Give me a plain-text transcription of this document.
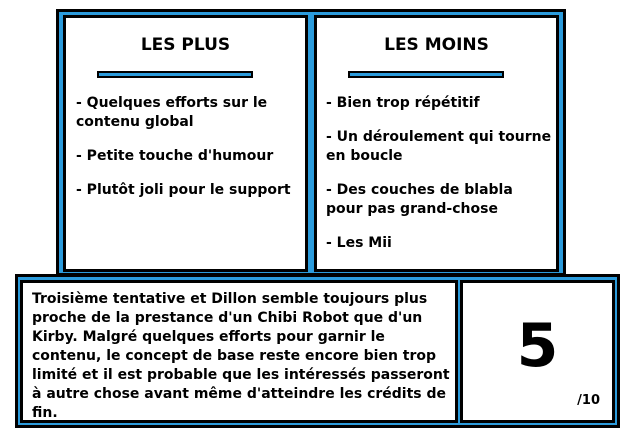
LES PLUS
- Quelques efforts sur le contenu global
- Petite touche d'humour
- Plutôt joli pour le support
LES MOINS
- Bien trop répétitif
- Un déroulement qui tourne en boucle
- Des couches de blabla pour pas grand-chose
- Les Mii

Troisième tentative et Dillon semble toujours plus proche de la prestance d'un Chibi Robot que d'un Kirby. Malgré quelques efforts pour garnir le contenu, le concept de base reste encore bien trop limité et il est probable que les intéressés passeront à autre chose avant même d'atteindre les crédits de fin.

5
/10
